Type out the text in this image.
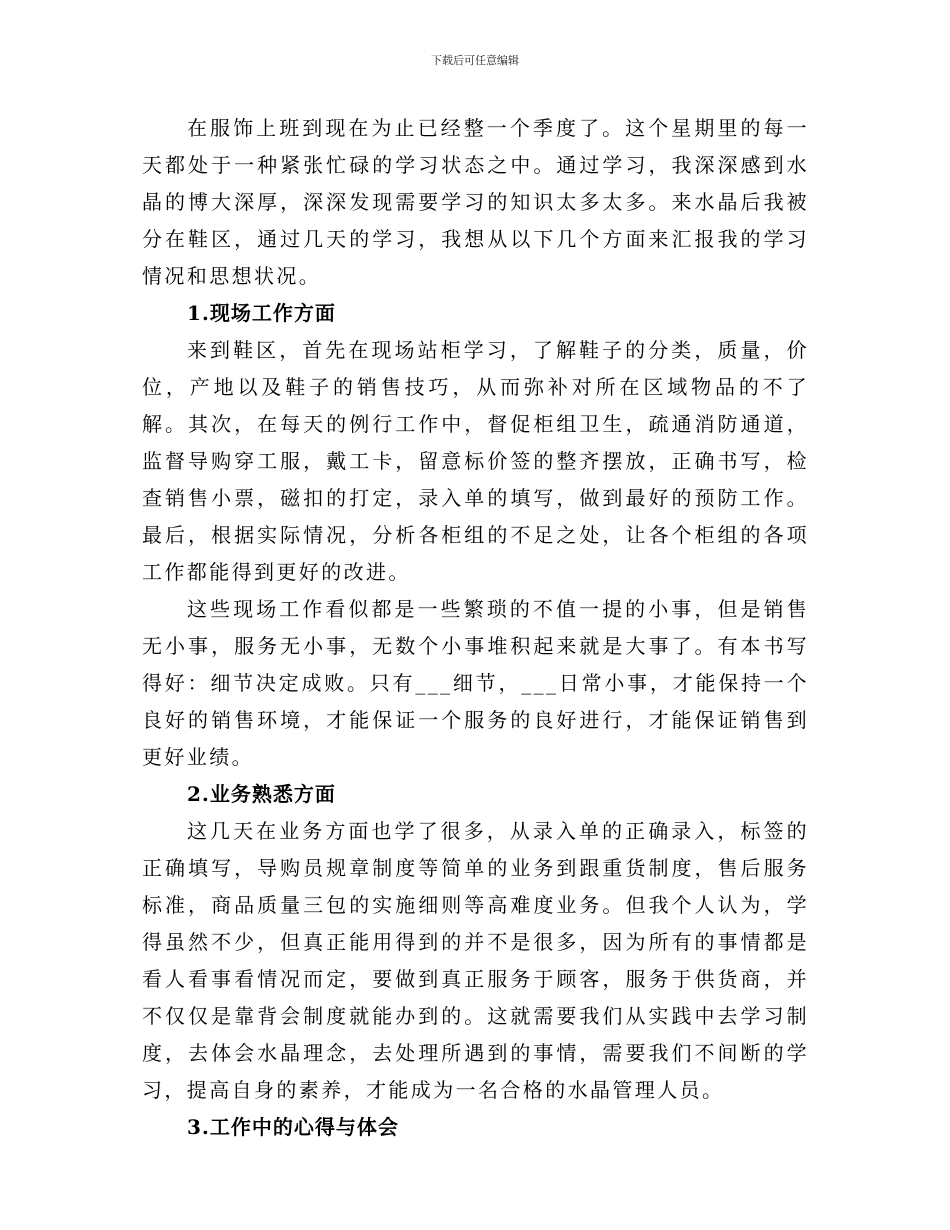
下载后可任意编辑

在服饰上班到现在为止已经整一个季度了。这个星期里的每一天都处于一种紧张忙碌的学习状态之中。通过学习，我深深感到水晶的博大深厚，深深发现需要学习的知识太多太多。来水晶后我被分在鞋区，通过几天的学习，我想从以下几个方面来汇报我的学习情况和思想状况。

1.现场工作方面

来到鞋区，首先在现场站柜学习，了解鞋子的分类，质量，价位，产地以及鞋子的销售技巧，从而弥补对所在区域物品的不了解。其次，在每天的例行工作中，督促柜组卫生，疏通消防通道，监督导购穿工服，戴工卡，留意标价签的整齐摆放，正确书写，检查销售小票，磁扣的打定，录入单的填写，做到最好的预防工作。最后，根据实际情况，分析各柜组的不足之处，让各个柜组的各项工作都能得到更好的改进。

这些现场工作看似都是一些繁琐的不值一提的小事，但是销售无小事，服务无小事，无数个小事堆积起来就是大事了。有本书写得好：细节决定成败。只有___细节，___日常小事，才能保持一个良好的销售环境，才能保证一个服务的良好进行，才能保证销售到更好业绩。

2.业务熟悉方面

这几天在业务方面也学了很多，从录入单的正确录入，标签的正确填写，导购员规章制度等简单的业务到跟重货制度，售后服务标准，商品质量三包的实施细则等高难度业务。但我个人认为，学得虽然不少，但真正能用得到的并不是很多，因为所有的事情都是看人看事看情况而定，要做到真正服务于顾客，服务于供货商，并不仅仅是靠背会制度就能办到的。这就需要我们从实践中去学习制度，去体会水晶理念，去处理所遇到的事情，需要我们不间断的学习，提高自身的素养，才能成为一名合格的水晶管理人员。

3.工作中的心得与体会
